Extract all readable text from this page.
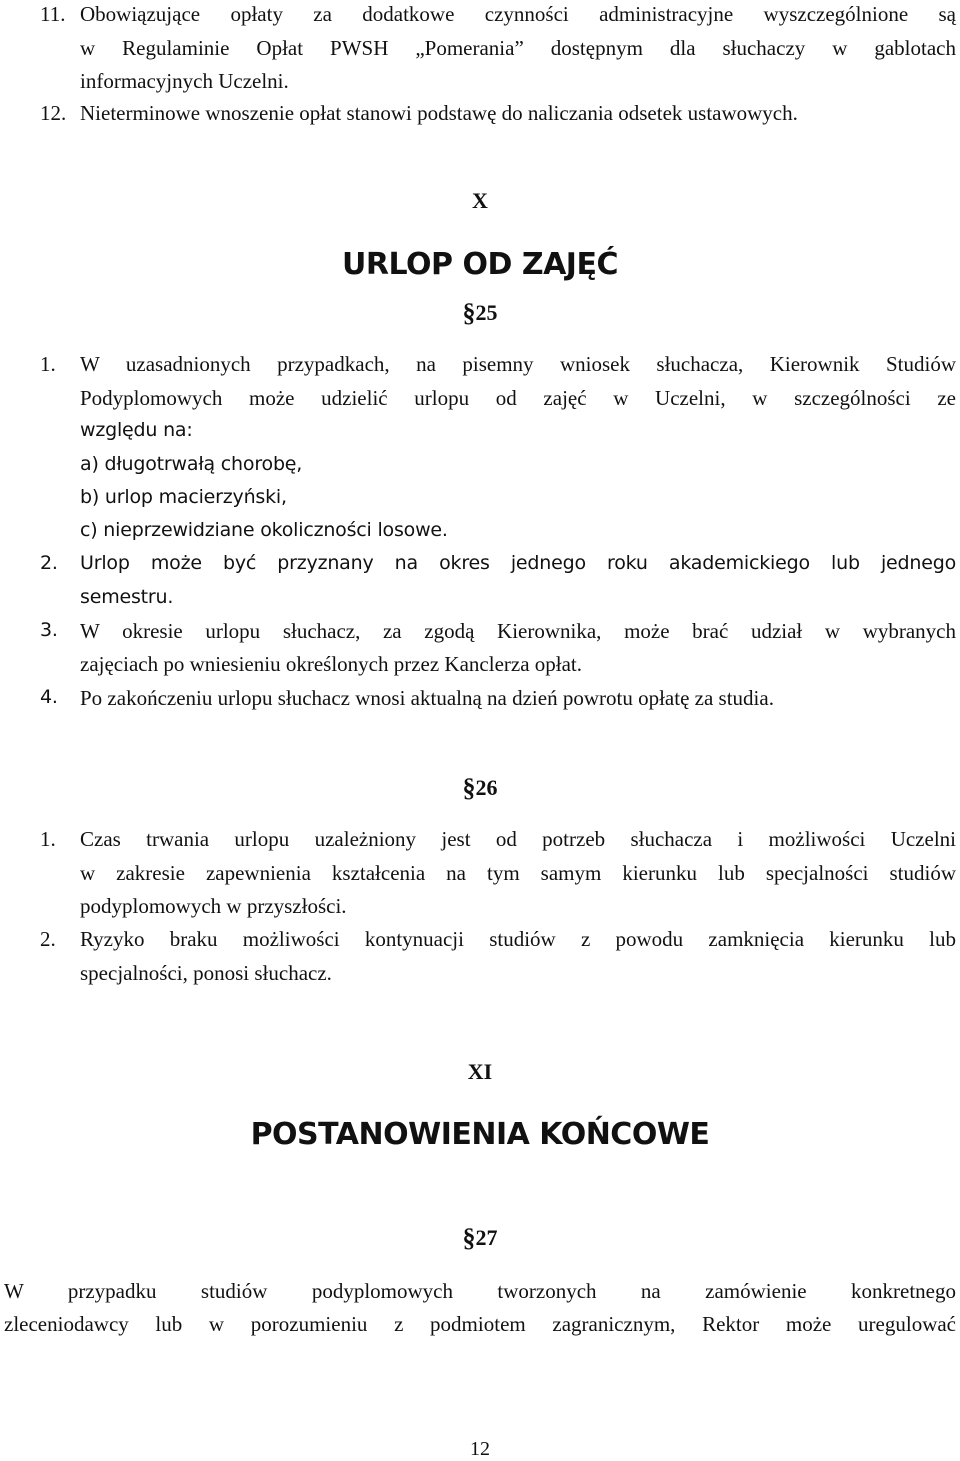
11. Obowiązujące opłaty za dodatkowe czynności administracyjne wyszczególnione są
w Regulaminie Opłat PWSH „Pomerania” dostępnym dla słuchaczy w gablotach
informacyjnych Uczelni.
12. Nieterminowe wnoszenie opłat stanowi podstawę do naliczania odsetek ustawowych.
X
URLOP OD ZAJĘĆ
§25
1. W uzasadnionych przypadkach, na pisemny wniosek słuchacza, Kierownik Studiów
Podyplomowych może udzielić urlopu od zajęć w Uczelni, w szczególności ze
względu na:
a) długotrwałą chorobę,
b) urlop macierzyński,
c) nieprzewidziane okoliczności losowe.
2. Urlop może być przyznany na okres jednego roku akademickiego lub jednego
semestru.
3. W okresie urlopu słuchacz, za zgodą Kierownika, może brać udział w wybranych
zajęciach po wniesieniu określonych przez Kanclerza opłat.
4. Po zakończeniu urlopu słuchacz wnosi aktualną na dzień powrotu opłatę za studia.
§26
1. Czas trwania urlopu uzależniony jest od potrzeb słuchacza i możliwości Uczelni
w zakresie zapewnienia kształcenia na tym samym kierunku lub specjalności studiów
podyplomowych w przyszłości.
2. Ryzyko braku możliwości kontynuacji studiów z powodu zamknięcia kierunku lub
specjalności, ponosi słuchacz.
XI
POSTANOWIENIA KOŃCOWE
§27
W przypadku studiów podyplomowych tworzonych na zamówienie konkretnego
zleceniodawcy lub w porozumieniu z podmiotem zagranicznym, Rektor może uregulować
12
